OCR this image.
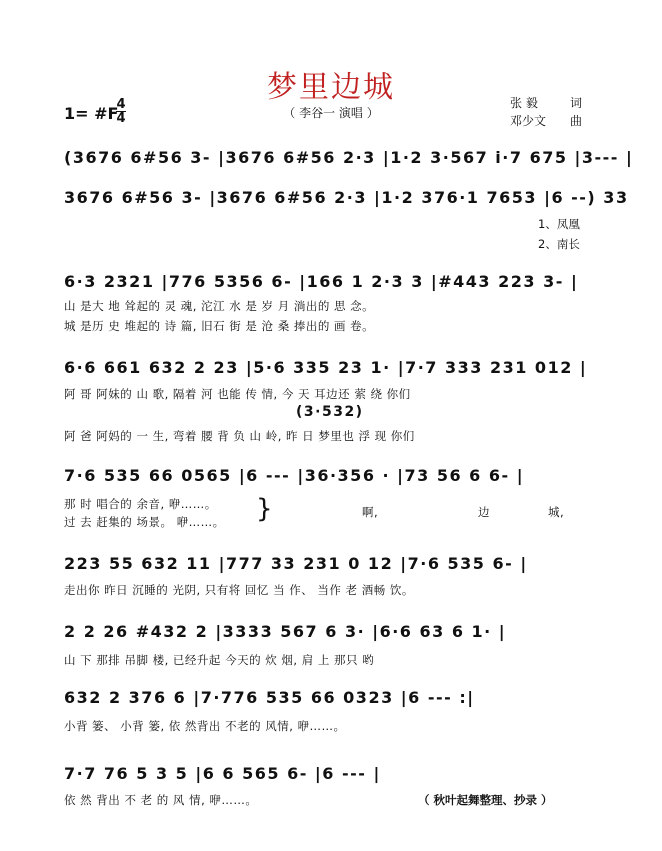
梦里边城
（ 李谷一 演唱 ）
1= #F
4
4
张 毅	词
邓少文 曲
(3676 6#56 3- |3676 6#56 2·3 |1·2 3·567 i·7 675 |3--- |
3676 6#56 3- |3676 6#56 2·3 |1·2 376·1 7653 |6 --) 33
1、凤凰
2、南长
6·3 2321 |776 5356 6- |166 1 2·3 3 |#443 223 3- |
山 是大 地 耸起的 灵 魂, 沱江 水 是 岁 月 淌出的 思 念。
城 是历 史 堆起的 诗 篇, 旧石 街 是 沧 桑 捧出的 画 卷。
6·6 661 632 2 23 |5·6 335 23 1· |7·7 333 231 012 |
阿 哥 阿妹的 山 歌, 隔着 河 也能 传 情, 今 天 耳边还 萦 绕 你们
(3·532)
阿 爸 阿妈的 一 生, 弯着 腰 背 负 山 岭, 昨 日 梦里也 浮 现 你们
7·6 535 66 0565 |6 --- |36·356 · |73 56 6 6- |
那 时 唱合的 余音, 咿……。
过 去 赶集的 场景。 咿……。 }	啊,	边	城,
223 55 632 11 |777 33 231 0 12 |7·6 535 6- |
走出你 昨日 沉睡的 光阴, 只有将 回忆 当 作、 当作 老 酒畅 饮。
2 2 26 #432 2 |3333 567 6 3· |6·6 63 6 1· |
山 下 那排 吊脚 楼, 已经升起 今天的 炊 烟, 肩 上 那只 哟
632 2 376 6 |7·776 535 66 0323 |6 --- :|
小背 篓、 小背 篓, 依 然背出 不老的 风情, 咿……。
7·7 76 5 3 5 |6 6 565 6- |6 --- |
依 然 背出 不 老 的 风 情, 咿……。	（ 秋叶起舞整理、抄录 ）
